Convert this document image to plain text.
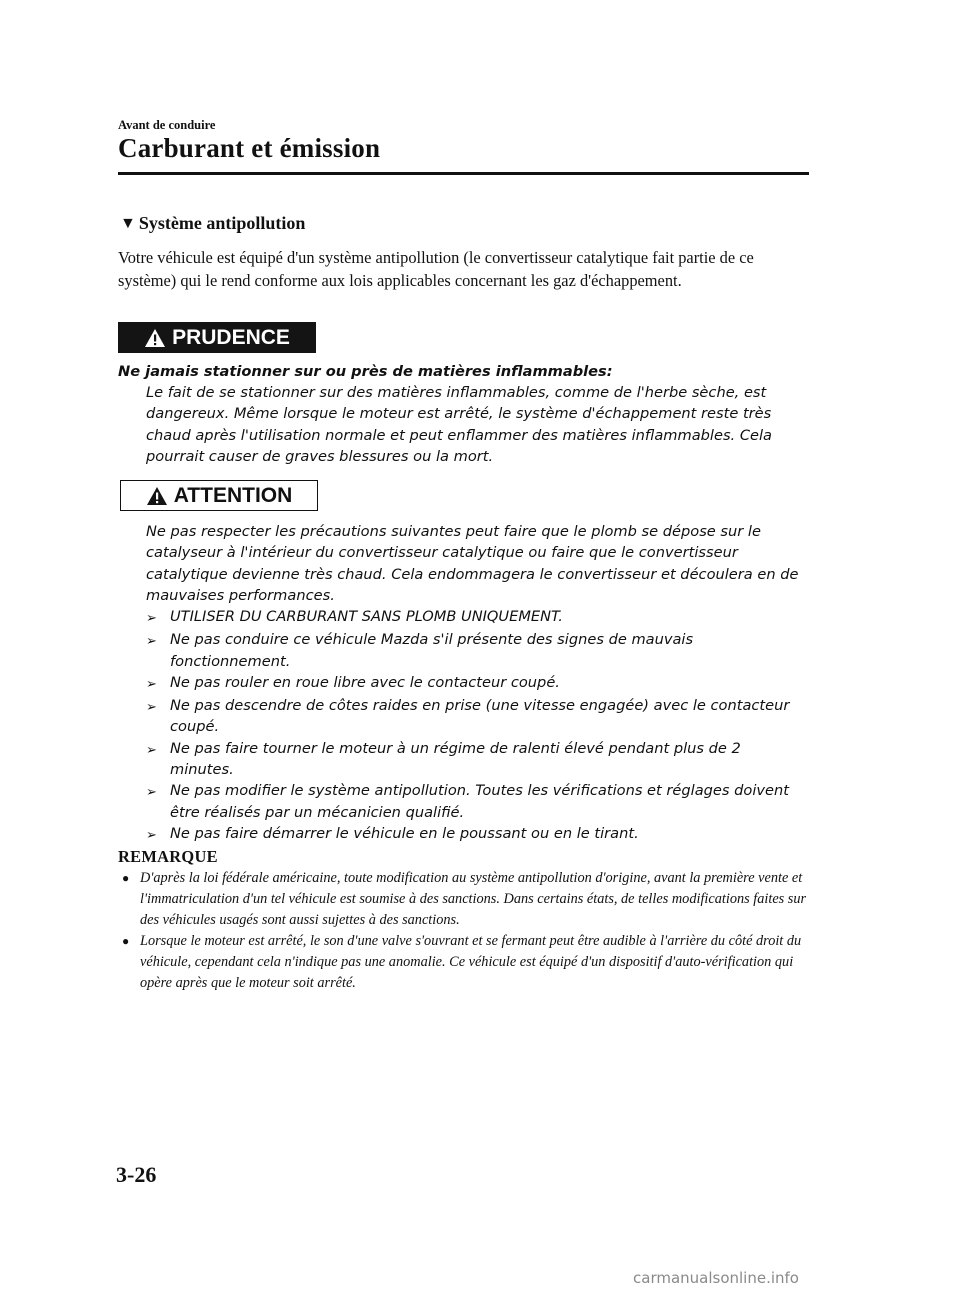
Avant de conduire
Carburant et émission
▼ Système antipollution
Votre véhicule est équipé d'un système antipollution (le convertisseur catalytique fait partie de ce système) qui le rend conforme aux lois applicables concernant les gaz d'échappement.
PRUDENCE
Ne jamais stationner sur ou près de matières inflammables:
Le fait de se stationner sur des matières inflammables, comme de l'herbe sèche, est dangereux. Même lorsque le moteur est arrêté, le système d'échappement reste très chaud après l'utilisation normale et peut enflammer des matières inflammables. Cela pourrait causer de graves blessures ou la mort.
ATTENTION
Ne pas respecter les précautions suivantes peut faire que le plomb se dépose sur le catalyseur à l'intérieur du convertisseur catalytique ou faire que le convertisseur catalytique devienne très chaud. Cela endommagera le convertisseur et découlera en de mauvaises performances.
➢ UTILISER DU CARBURANT SANS PLOMB UNIQUEMENT.
➢ Ne pas conduire ce véhicule Mazda s'il présente des signes de mauvais fonctionnement.
➢ Ne pas rouler en roue libre avec le contacteur coupé.
➢ Ne pas descendre de côtes raides en prise (une vitesse engagée) avec le contacteur coupé.
➢ Ne pas faire tourner le moteur à un régime de ralenti élevé pendant plus de 2 minutes.
➢ Ne pas modifier le système antipollution. Toutes les vérifications et réglages doivent être réalisés par un mécanicien qualifié.
➢ Ne pas faire démarrer le véhicule en le poussant ou en le tirant.
REMARQUE
● D'après la loi fédérale américaine, toute modification au système antipollution d'origine, avant la première vente et l'immatriculation d'un tel véhicule est soumise à des sanctions. Dans certains états, de telles modifications faites sur des véhicules usagés sont aussi sujettes à des sanctions.
● Lorsque le moteur est arrêté, le son d'une valve s'ouvrant et se fermant peut être audible à l'arrière du côté droit du véhicule, cependant cela n'indique pas une anomalie. Ce véhicule est équipé d'un dispositif d'auto-vérification qui opère après que le moteur soit arrêté.
3-26
carmanualsonline.info
